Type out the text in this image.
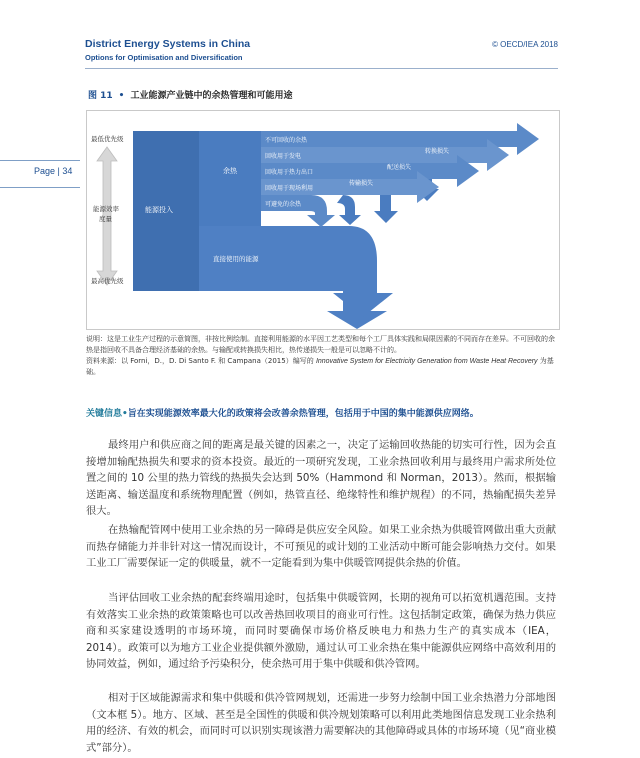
District Energy Systems in China
Options for Optimisation and Diversification
© OECD/IEA 2018
Page | 34
图 11 • 工业能源产业链中的余热管理和可能用途
最低优先级
能源效率
度量
最高优先级
能源投入
余热
直接使用的能源
不可回收的余热
回收用于发电
回收用于热力出口
回收用于现场利用
可避免的余热
转换损失
配送损失
传输损失
说明：这是工业生产过程的示意简图，非按比例绘制。直接利用能源的水平因工艺类型和每个工厂具体实践和局限因素的不同而存在差异。不可回收的余热是指回收不具备合理经济基础的余热。与输配或转换损失相比，热传递损失一般是可以忽略不计的。
资料来源：以 Forni，D.，D. Di Santo F. 和 Campana（2015）编写的 Innovative System for Electricity Generation from Waste Heat Recovery 为基础。
关键信息•旨在实现能源效率最大化的政策将会改善余热管理，包括用于中国的集中能源供应网络。

最终用户和供应商之间的距离是最关键的因素之一，决定了运输回收热能的切实可行性，因为会直接增加输配热损失和要求的资本投资。最近的一项研究发现，工业余热回收利用与最终用户需求所处位置之间的 10 公里的热力管线的热损失会达到 50%（Hammond 和 Norman，2013）。然而，根据输送距离、输送温度和系统物理配置（例如，热管直径、绝缘特性和维护规程）的不同，热输配损失差异很大。

在热输配管网中使用工业余热的另一障碍是供应安全风险。如果工业余热为供暖管网做出重大贡献而热存储能力并非针对这一情况而设计，不可预见的或计划的工业活动中断可能会影响热力交付。如果工业工厂需要保证一定的供暖量，就不一定能看到为集中供暖管网提供余热的价值。

当评估回收工业余热的配套终端用途时，包括集中供暖管网，长期的视角可以拓宽机遇范围。支持有效落实工业余热的政策策略也可以改善热回收项目的商业可行性。这包括制定政策，确保为热力供应商和买家建设透明的市场环境，而同时要确保市场价格反映电力和热力生产的真实成本（IEA，2014）。政策可以为地方工业企业提供额外激励，通过认可工业余热在集中能源供应网络中高效利用的协同效益，例如，通过给予污染积分，使余热可用于集中供暖和供冷管网。

相对于区域能源需求和集中供暖和供冷管网规划，还需进一步努力绘制中国工业余热潜力分部地图（文本框 5）。地方、区域、甚至是全国性的供暖和供冷规划策略可以利用此类地图信息发现工业余热利用的经济、有效的机会，而同时可以识别实现该潜力需要解决的其他障碍或具体的市场环境（见“商业模式”部分）。
